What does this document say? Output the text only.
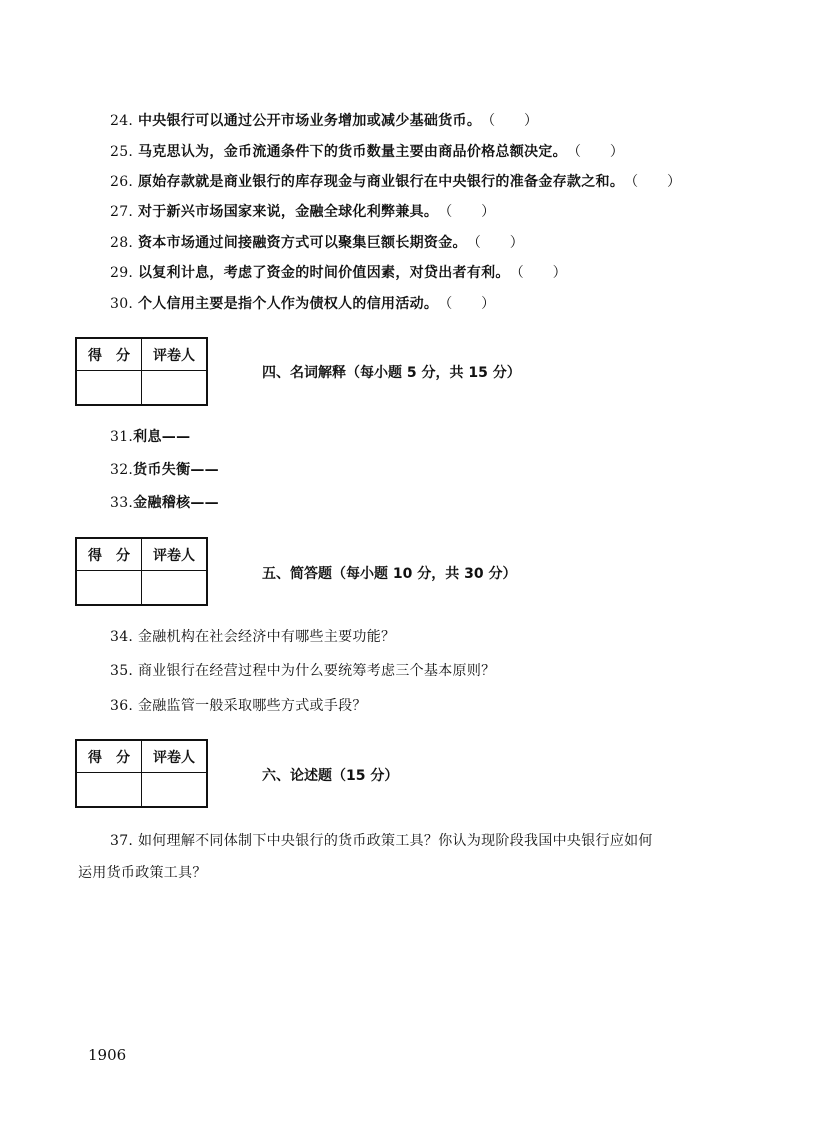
24. 中央银行可以通过公开市场业务增加或减少基础货币。（　　）
25. 马克思认为，金币流通条件下的货币数量主要由商品价格总额决定。（　　）
26. 原始存款就是商业银行的库存现金与商业银行在中央银行的准备金存款之和。（　　）
27. 对于新兴市场国家来说，金融全球化利弊兼具。（　　）
28. 资本市场通过间接融资方式可以聚集巨额长期资金。（　　）
29. 以复利计息，考虑了资金的时间价值因素，对贷出者有利。（　　）
30. 个人信用主要是指个人作为债权人的信用活动。（　　）
得　分	评卷人

四、名词解释（每小题 5 分，共 15 分）
31.利息——
32.货币失衡——
33.金融稽核——
得　分	评卷人

五、简答题（每小题 10 分，共 30 分）
34. 金融机构在社会经济中有哪些主要功能？
35. 商业银行在经营过程中为什么要统筹考虑三个基本原则？
36. 金融监管一般采取哪些方式或手段？
得　分	评卷人

六、论述题（15 分）
37. 如何理解不同体制下中央银行的货币政策工具？你认为现阶段我国中央银行应如何
运用货币政策工具？
1906
